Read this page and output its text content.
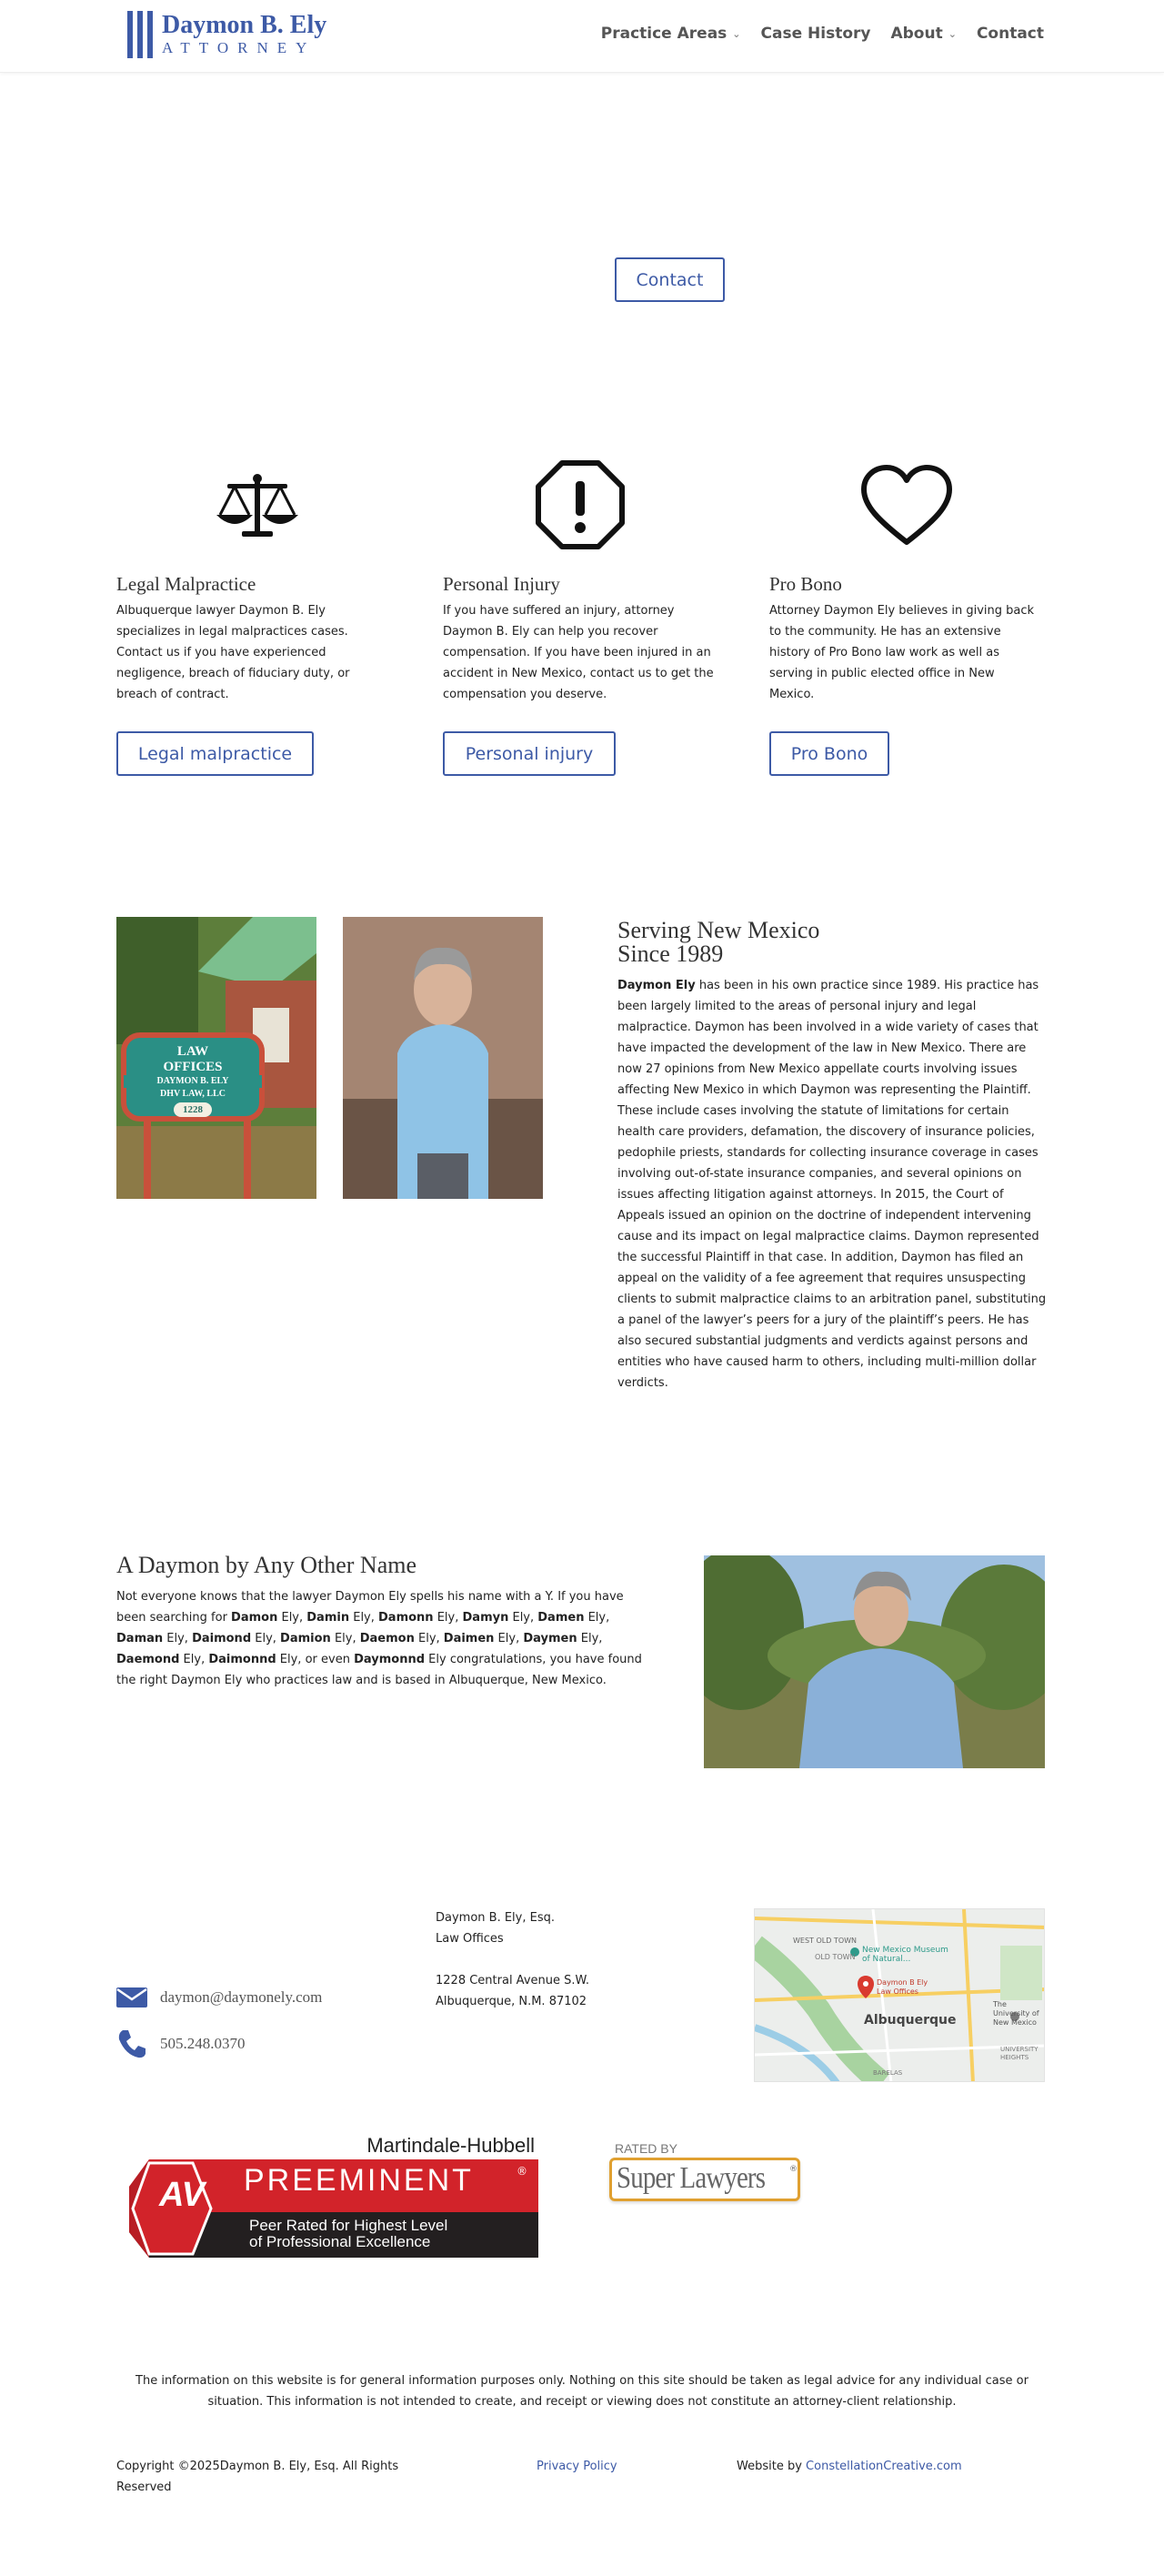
Daymon B. Ely
ATTORNEY
Practice Areas ⌄ Case History About ⌄ Contact
Contact
Legal Malpractice	Personal Injury	Pro Bono
Albuquerque lawyer Daymon B. Ely specializes in legal malpractices cases. Contact us if you have experienced negligence, breach of fiduciary duty, or breach of contract.
If you have suffered an injury, attorney Daymon B. Ely can help you recover compensation. If you have been injured in an accident in New Mexico, contact us to get the compensation you deserve.
Attorney Daymon Ely believes in giving back to the community. He has an extensive history of Pro Bono law work as well as serving in public elected office in New Mexico.
Legal malpractice	Personal injury	Pro Bono
LAW
OFFICES
DAYMON B. ELY
DHV LAW, LLC
1228
Serving New Mexico
Since 1989
Daymon Ely has been in his own practice since 1989. His practice has been largely limited to the areas of personal injury and legal malpractice. Daymon has been involved in a wide variety of cases that have impacted the development of the law in New Mexico. There are now 27 opinions from New Mexico appellate courts involving issues affecting New Mexico in which Daymon was representing the Plaintiff. These include cases involving the statute of limitations for certain health care providers, defamation, the discovery of insurance policies, pedophile priests, standards for collecting insurance coverage in cases involving out-of-state insurance companies, and several opinions on issues affecting litigation against attorneys. In 2015, the Court of Appeals issued an opinion on the doctrine of independent intervening cause and its impact on legal malpractice claims. Daymon represented the successful Plaintiff in that case. In addition, Daymon has filed an appeal on the validity of a fee agreement that requires unsuspecting clients to submit malpractice claims to an arbitration panel, substituting a panel of the lawyer’s peers for a jury of the plaintiff’s peers. He has also secured substantial judgments and verdicts against persons and entities who have caused harm to others, including multi-million dollar verdicts.
A Daymon by Any Other Name
Not everyone knows that the lawyer Daymon Ely spells his name with a Y. If you have been searching for Damon Ely, Damin Ely, Damonn Ely, Damyn Ely, Damen Ely, Daman Ely, Daimond Ely, Damion Ely, Daemon Ely, Daimen Ely, Daymen Ely, Daemond Ely, Daimonnd Ely, or even Daymonnd Ely congratulations, you have found the right Daymon Ely who practices law and is based in Albuquerque, New Mexico.
daymon@daymonely.com
505.248.0370
Daymon B. Ely, Esq.
Law Offices
1228 Central Avenue S.W.
Albuquerque, N.M. 87102
WEST OLD TOWN
OLD TOWN
New Mexico Museum of Natural...
Daymon B Ely Law Offices
Albuquerque
The University of New Mexico
UNIVERSITY HEIGHTS
BARELAS
Martindale-Hubbell
AV	PREEMINENT	®
Peer Rated for Highest Level
of Professional Excellence
RATED BY
Super Lawyers	®
The information on this website is for general information purposes only. Nothing on this site should be taken as legal advice for any individual case or situation. This information is not intended to create, and receipt or viewing does not constitute an attorney-client relationship.
Copyright ©2025Daymon B. Ely, Esq. All Rights Reserved
Privacy Policy	Website by ConstellationCreative.com
